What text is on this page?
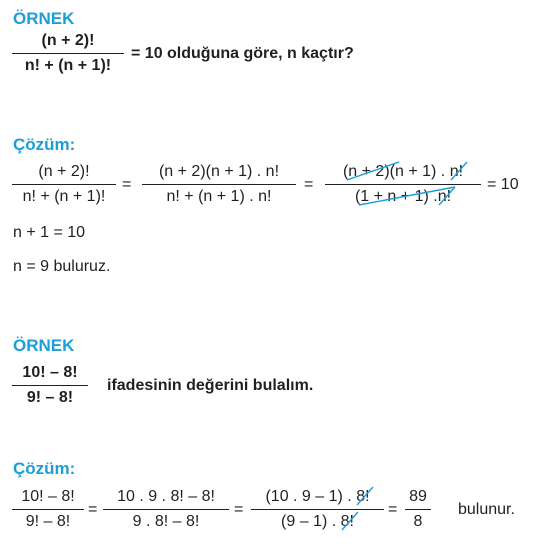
ÖRNEK
(n + 2)!
n! + (n + 1)!
= 10 olduğuna göre, n kaçtır?
Çözüm:
(n + 2)!
n! + (n + 1)!
=
(n + 2)(n + 1) . n!
n! + (n + 1) . n!
=
(n + 2)
(n + 1) . n!
(1 + n + 1) .
n!
= 10
n + 1 = 10
n = 9 buluruz.
ÖRNEK
10! – 8!
9! – 8!
ifadesinin değerini bulalım.
Çözüm:
10! – 8!
9! – 8!
=
10 . 9 . 8! – 8!
9 . 8! – 8!
=
(10 . 9 – 1) . 8!
(9 – 1) . 8!
=
89
8
bulunur.
